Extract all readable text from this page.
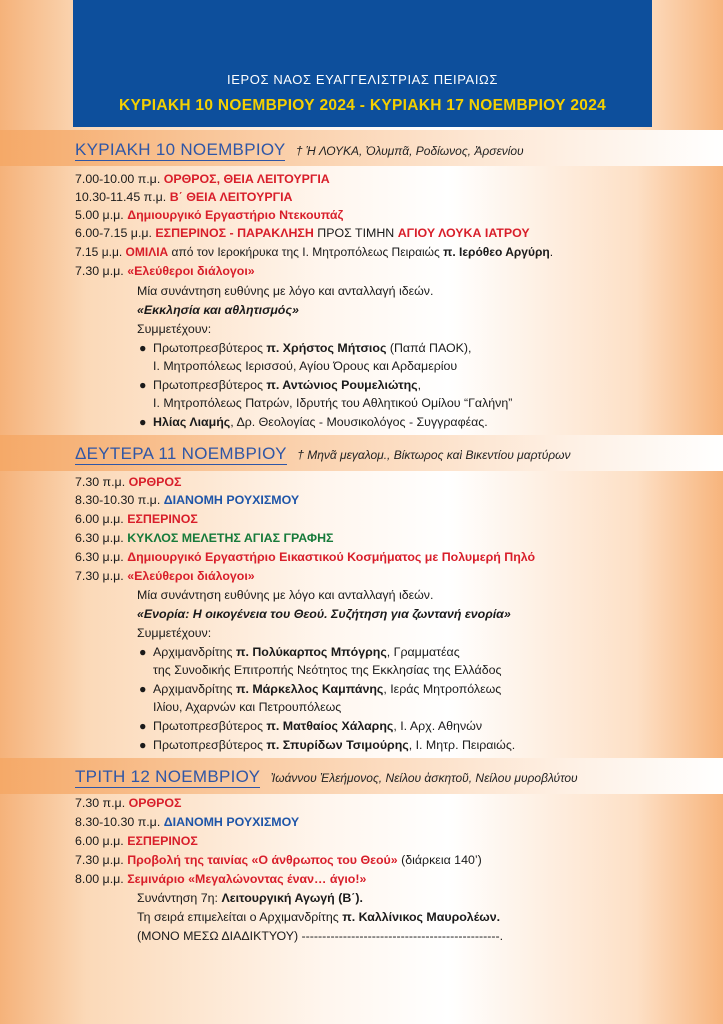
ΙΕΡΟΣ ΝΑΟΣ ΕΥΑΓΓΕΛΙΣΤΡΙΑΣ ΠΕΙΡΑΙΩΣ
ΚΥΡΙΑΚΗ 10 ΝΟΕΜΒΡΙΟΥ 2024 - ΚΥΡΙΑΚΗ 17 ΝΟΕΜΒΡΙΟΥ 2024
ΚΥΡΙΑΚΗ 10 ΝΟΕΜΒΡΙΟΥ † Ἡ ΛΟΥΚΑ, Ὀλυμπᾶ, Ροδίωνος, Ἀρσενίου
7.00-10.00 π.μ. ΟΡΘΡΟΣ, ΘΕΙΑ ΛΕΙΤΟΥΡΓΙΑ
10.30-11.45 π.μ. Β΄ ΘΕΙΑ ΛΕΙΤΟΥΡΓΙΑ
5.00 μ.μ. Δημιουργικό Εργαστήριο Ντεκουπάζ
6.00-7.15 μ.μ. ΕΣΠΕΡΙΝΟΣ - ΠΑΡΑΚΛΗΣΗ ΠΡΟΣ ΤΙΜΗΝ ΑΓΙΟΥ ΛΟΥΚΑ ΙΑΤΡΟΥ
7.15 μ.μ. ΟΜΙΛΙΑ από τον Ιεροκήρυκα της Ι. Μητροπόλεως Πειραιώς π. Ιερόθεο Αργύρη.
7.30 μ.μ. «Ελεύθεροι διάλογοι»
Μία συνάντηση ευθύνης με λόγο και ανταλλαγή ιδεών.
«Εκκλησία και αθλητισμός»
Συμμετέχουν:
● Πρωτοπρεσβύτερος π. Χρήστος Μήτσιος (Παπά ΠΑΟΚ),
Ι. Μητροπόλεως Ιερισσού, Αγίου Όρους και Αρδαμερίου
● Πρωτοπρεσβύτερος π. Αντώνιος Ρουμελιώτης,
Ι. Μητροπόλεως Πατρών, Ιδρυτής του Αθλητικού Ομίλου “Γαλήνη”
● Ηλίας Λιαμής, Δρ. Θεολογίας - Μουσικολόγος - Συγγραφέας.
ΔΕΥΤΕΡΑ 11 ΝΟΕΜΒΡΙΟΥ † Μηνᾶ μεγαλομ., Βίκτωρος καὶ Βικεντίου μαρτύρων
7.30 π.μ. ΟΡΘΡΟΣ
8.30-10.30 π.μ. ΔΙΑΝΟΜΗ ΡΟΥΧΙΣΜΟΥ
6.00 μ.μ. ΕΣΠΕΡΙΝΟΣ
6.30 μ.μ. ΚΥΚΛΟΣ ΜΕΛΕΤΗΣ ΑΓΙΑΣ ΓΡΑΦΗΣ
6.30 μ.μ. Δημιουργικό Εργαστήριο Εικαστικού Κοσμήματος με Πολυμερή Πηλό
7.30 μ.μ. «Ελεύθεροι διάλογοι»
Μία συνάντηση ευθύνης με λόγο και ανταλλαγή ιδεών.
«Ενορία: Η οικογένεια του Θεού. Συζήτηση για ζωντανή ενορία»
Συμμετέχουν:
● Αρχιμανδρίτης π. Πολύκαρπος Μπόγρης, Γραμματέας
της Συνοδικής Επιτροπής Νεότητος της Εκκλησίας της Ελλάδος
● Αρχιμανδρίτης π. Μάρκελλος Καμπάνης, Ιεράς Μητροπόλεως
Ιλίου, Αχαρνών και Πετρουπόλεως
● Πρωτοπρεσβύτερος π. Ματθαίος Χάλαρης, Ι. Αρχ. Αθηνών
● Πρωτοπρεσβύτερος π. Σπυρίδων Τσιμούρης, Ι. Μητρ. Πειραιώς.
ΤΡΙΤΗ 12 ΝΟΕΜΒΡΙΟΥ Ἰωάννου Ἐλεήμονος, Νείλου ἀσκητοῦ, Νείλου μυροβλύτου
7.30 π.μ. ΟΡΘΡΟΣ
8.30-10.30 π.μ. ΔΙΑΝΟΜΗ ΡΟΥΧΙΣΜΟΥ
6.00 μ.μ. ΕΣΠΕΡΙΝΟΣ
7.30 μ.μ. Προβολή της ταινίας «Ο άνθρωπος του Θεού» (διάρκεια 140’)
8.00 μ.μ. Σεμινάριο «Μεγαλώνοντας έναν… άγιο!»
Συνάντηση 7η: Λειτουργική Αγωγή (Β΄).
Τη σειρά επιμελείται ο Αρχιμανδρίτης π. Καλλίνικος Μαυρολέων.
(ΜΟΝΟ ΜΕΣΩ ΔΙΑΔΙΚΤΥΟΥ) ------------------------------------------------.
